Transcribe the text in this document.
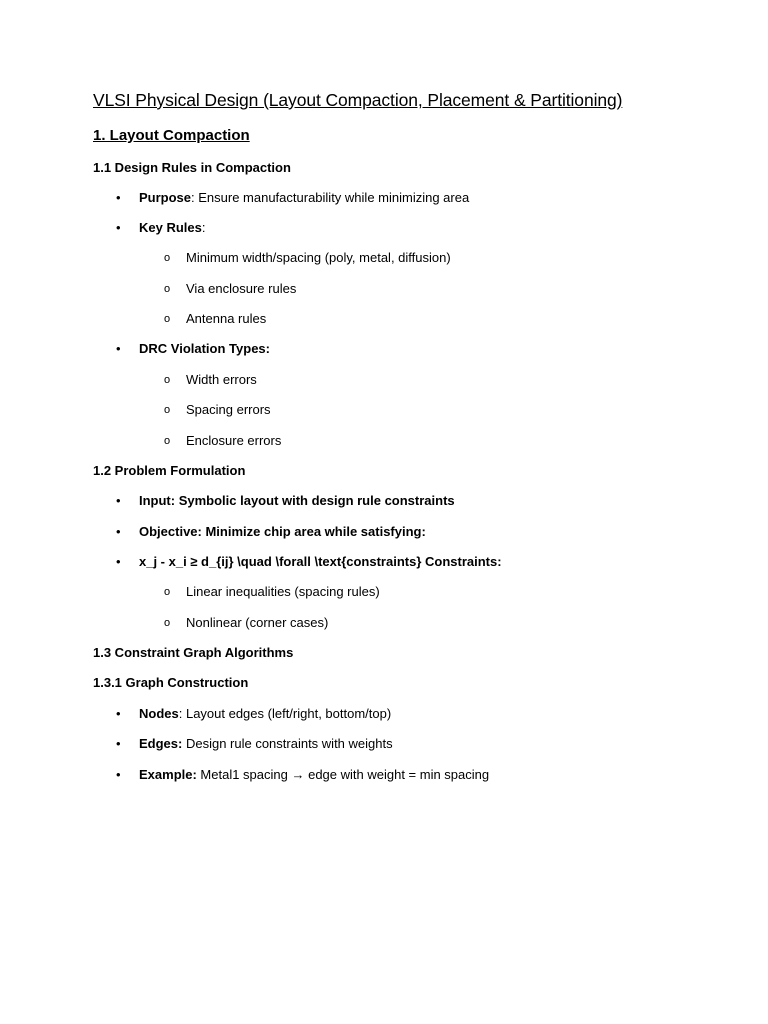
VLSI Physical Design (Layout Compaction, Placement & Partitioning)
1. Layout Compaction
1.1 Design Rules in Compaction
• Purpose: Ensure manufacturability while minimizing area
• Key Rules:
o Minimum width/spacing (poly, metal, diffusion)
o Via enclosure rules
o Antenna rules
• DRC Violation Types:
o Width errors
o Spacing errors
o Enclosure errors
1.2 Problem Formulation
• Input: Symbolic layout with design rule constraints
• Objective: Minimize chip area while satisfying:
• x_j - x_i ≥ d_{ij} \quad \forall \text{constraints} Constraints:
o Linear inequalities (spacing rules)
o Nonlinear (corner cases)
1.3 Constraint Graph Algorithms
1.3.1 Graph Construction
• Nodes: Layout edges (left/right, bottom/top)
• Edges: Design rule constraints with weights
• Example: Metal1 spacing → edge with weight = min spacing
